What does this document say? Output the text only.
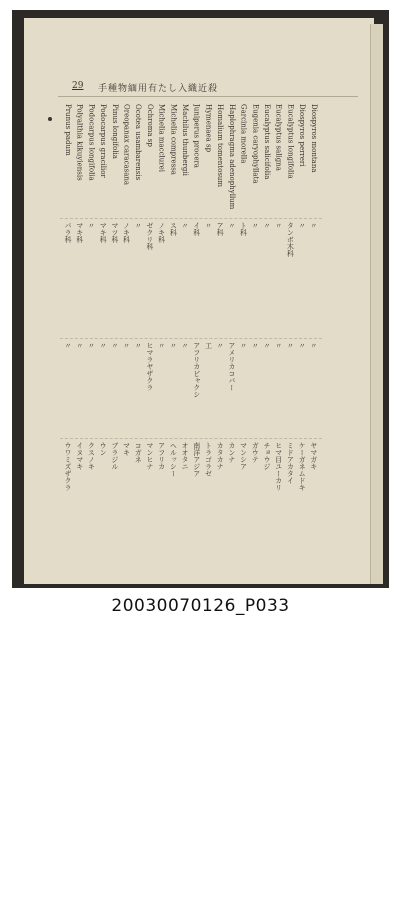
29 手種物緬用有たし入織近殺
Diospyros montana
Diospyros perreri
Eucalyptus longifolia
Eucalyptus saligna
Eucalyptus salicifolia
Eugenia caryophyllata
Garcinia morella
Haplophragma adenophyllum
Homalium tomentosum
Hymenaea sp
Juniperus procera
Machilus thunbergii
Michelia compressa
Michelia macclurei
Ochroma sp
Ocotea usambarensis
Oreopanax caracasana
Pinus longifolia
Podocarpus gracilior
Podocarpus longifolia
Polyalthia kikuyiensis
Prunus padum
〃
〃
タンボ木科
〃
〃
〃
ト科
〃
ア科
〃
イ科
〃
ス科
ノキ科
ゼクリ科
〃
ノキ科
マツ科
マキ科
〃
マキ科
バラ科
〃
〃
〃
〃
〃
〃
〃
アメリカコバー
〃
工
アフリカビャクシ
〃
〃
〃
ヒマラヤザクラ
〃
〃
〃
〃
〃
〃
〃
ヤマガキ
ケーガネムドキ
ミドアカタイ
ヒマ目ユーカリ
チョウジ
ガウテ
マンシア
カンナ
カタカナ
トラゴラゼ
南洋アジア
オオタニ
ヘルッシー
アフリカ
マンヒナ
コガネ
マキ
ブラジル
ウン
クスノキ
イヌマキ
ウワミズザクラ
20030070126_P033
